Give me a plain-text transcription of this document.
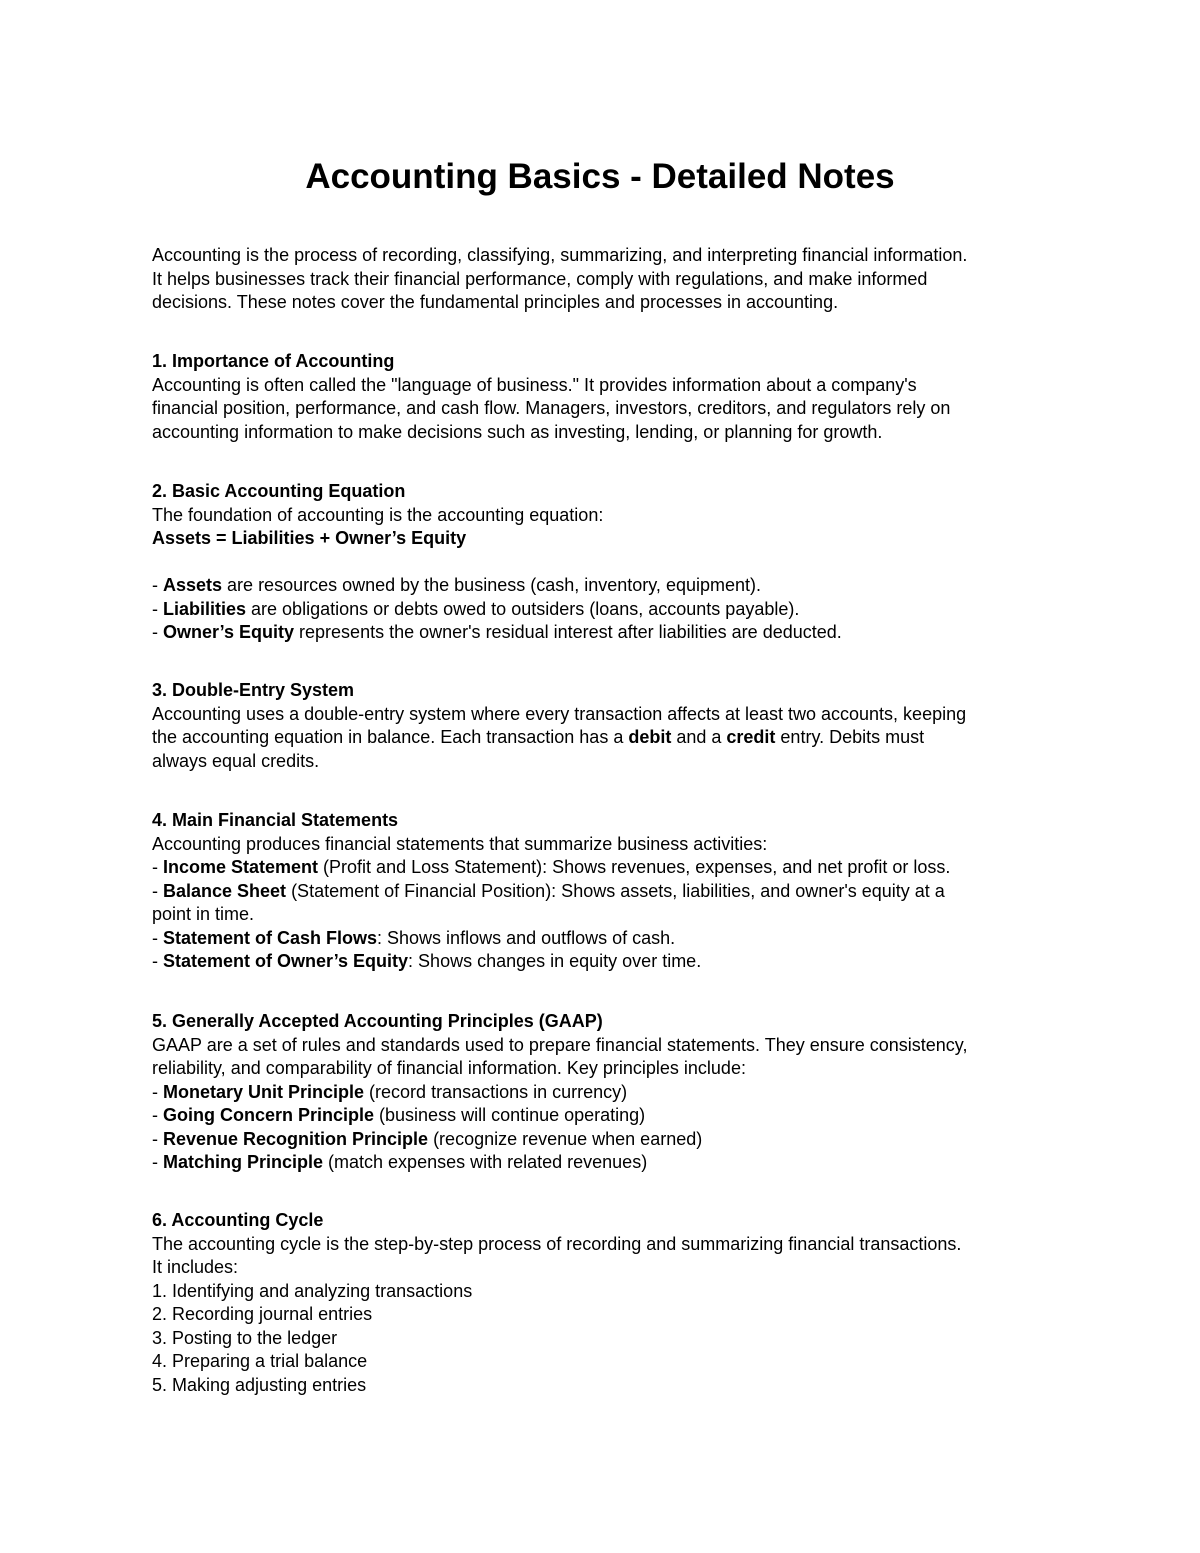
Accounting Basics - Detailed Notes

Accounting is the process of recording, classifying, summarizing, and interpreting financial information.
It helps businesses track their financial performance, comply with regulations, and make informed
decisions. These notes cover the fundamental principles and processes in accounting.

1. Importance of Accounting
Accounting is often called the "language of business." It provides information about a company's
financial position, performance, and cash flow. Managers, investors, creditors, and regulators rely on
accounting information to make decisions such as investing, lending, or planning for growth.
2. Basic Accounting Equation
The foundation of accounting is the accounting equation:
Assets = Liabilities + Owner’s Equity
- Assets are resources owned by the business (cash, inventory, equipment).
- Liabilities are obligations or debts owed to outsiders (loans, accounts payable).
- Owner’s Equity represents the owner's residual interest after liabilities are deducted.
3. Double-Entry System
Accounting uses a double-entry system where every transaction affects at least two accounts, keeping
the accounting equation in balance. Each transaction has a debit and a credit entry. Debits must
always equal credits.
4. Main Financial Statements
Accounting produces financial statements that summarize business activities:
- Income Statement (Profit and Loss Statement): Shows revenues, expenses, and net profit or loss.
- Balance Sheet (Statement of Financial Position): Shows assets, liabilities, and owner's equity at a
point in time.
- Statement of Cash Flows: Shows inflows and outflows of cash.
- Statement of Owner’s Equity: Shows changes in equity over time.
5. Generally Accepted Accounting Principles (GAAP)
GAAP are a set of rules and standards used to prepare financial statements. They ensure consistency,
reliability, and comparability of financial information. Key principles include:
- Monetary Unit Principle (record transactions in currency)
- Going Concern Principle (business will continue operating)
- Revenue Recognition Principle (recognize revenue when earned)
- Matching Principle (match expenses with related revenues)
6. Accounting Cycle
The accounting cycle is the step-by-step process of recording and summarizing financial transactions.
It includes:
1. Identifying and analyzing transactions
2. Recording journal entries
3. Posting to the ledger
4. Preparing a trial balance
5. Making adjusting entries
